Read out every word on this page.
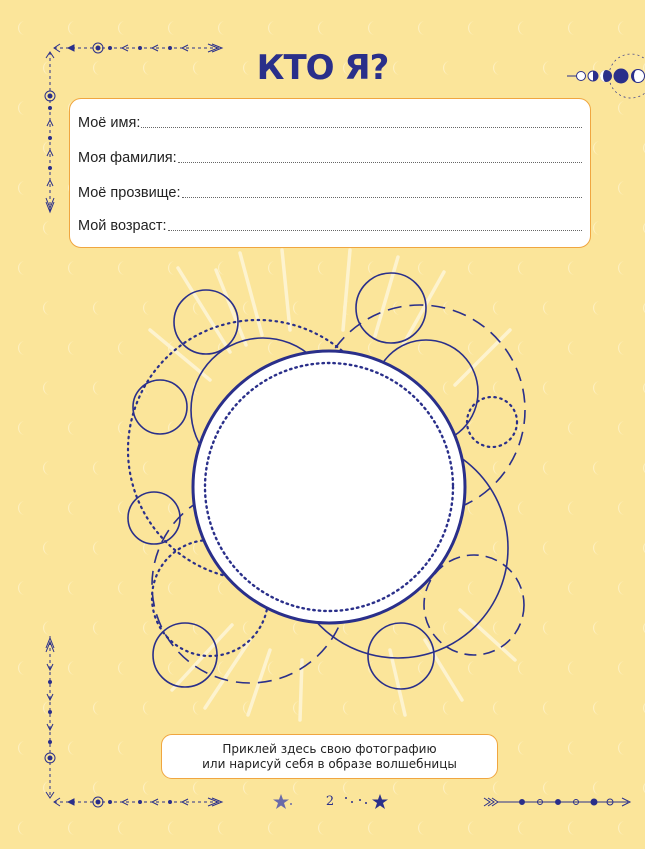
КТО Я?
Моё имя:
Моя фамилия:
Моё прозвище:
Мой возраст:
Приклей здесь свою фотографию
или нарисуй себя в образе волшебницы
2
